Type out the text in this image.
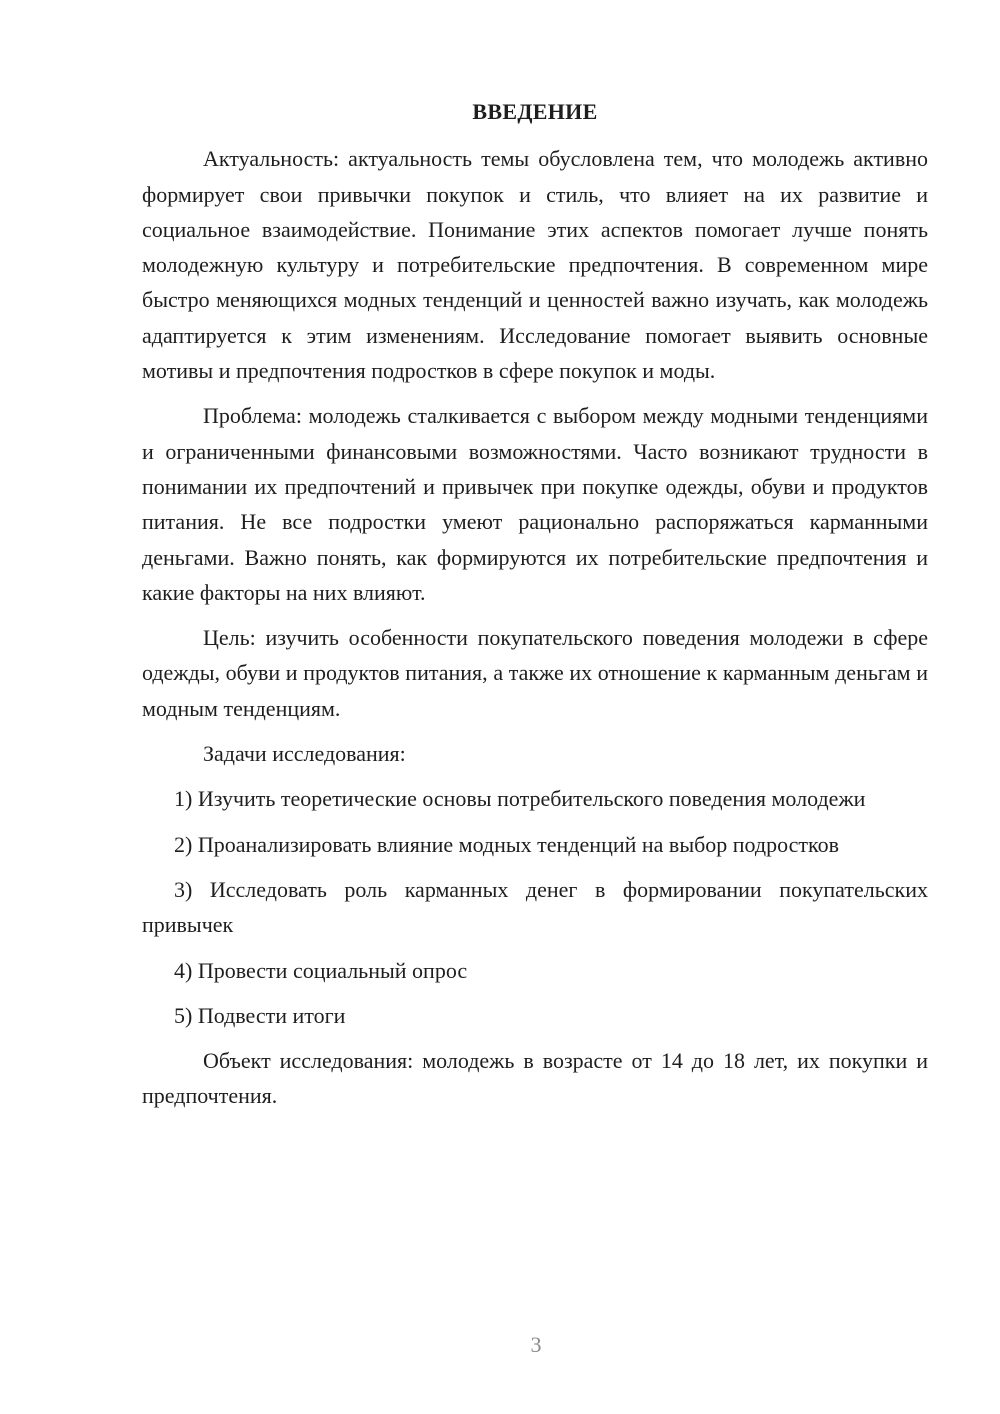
ВВЕДЕНИЕ

Актуальность: актуальность темы обусловлена тем, что молодежь активно формирует свои привычки покупок и стиль, что влияет на их развитие и социальное взаимодействие. Понимание этих аспектов помогает лучше понять молодежную культуру и потребительские предпочтения. В современном мире быстро меняющихся модных тенденций и ценностей важно изучать, как молодежь адаптируется к этим изменениям. Исследование помогает выявить основные мотивы и предпочтения подростков в сфере покупок и моды.

Проблема: молодежь сталкивается с выбором между модными тенденциями и ограниченными финансовыми возможностями. Часто возникают трудности в понимании их предпочтений и привычек при покупке одежды, обуви и продуктов питания. Не все подростки умеют рационально распоряжаться карманными деньгами. Важно понять, как формируются их потребительские предпочтения и какие факторы на них влияют.

Цель: изучить особенности покупательского поведения молодежи в сфере одежды, обуви и продуктов питания, а также их отношение к карманным деньгам и модным тенденциям.

Задачи исследования:

1) Изучить теоретические основы потребительского поведения молодежи

2) Проанализировать влияние модных тенденций на выбор подростков

3) Исследовать роль карманных денег в формировании покупательских привычек

4) Провести социальный опрос

5) Подвести итоги

Объект исследования: молодежь в возрасте от 14 до 18 лет, их покупки и предпочтения.

3
